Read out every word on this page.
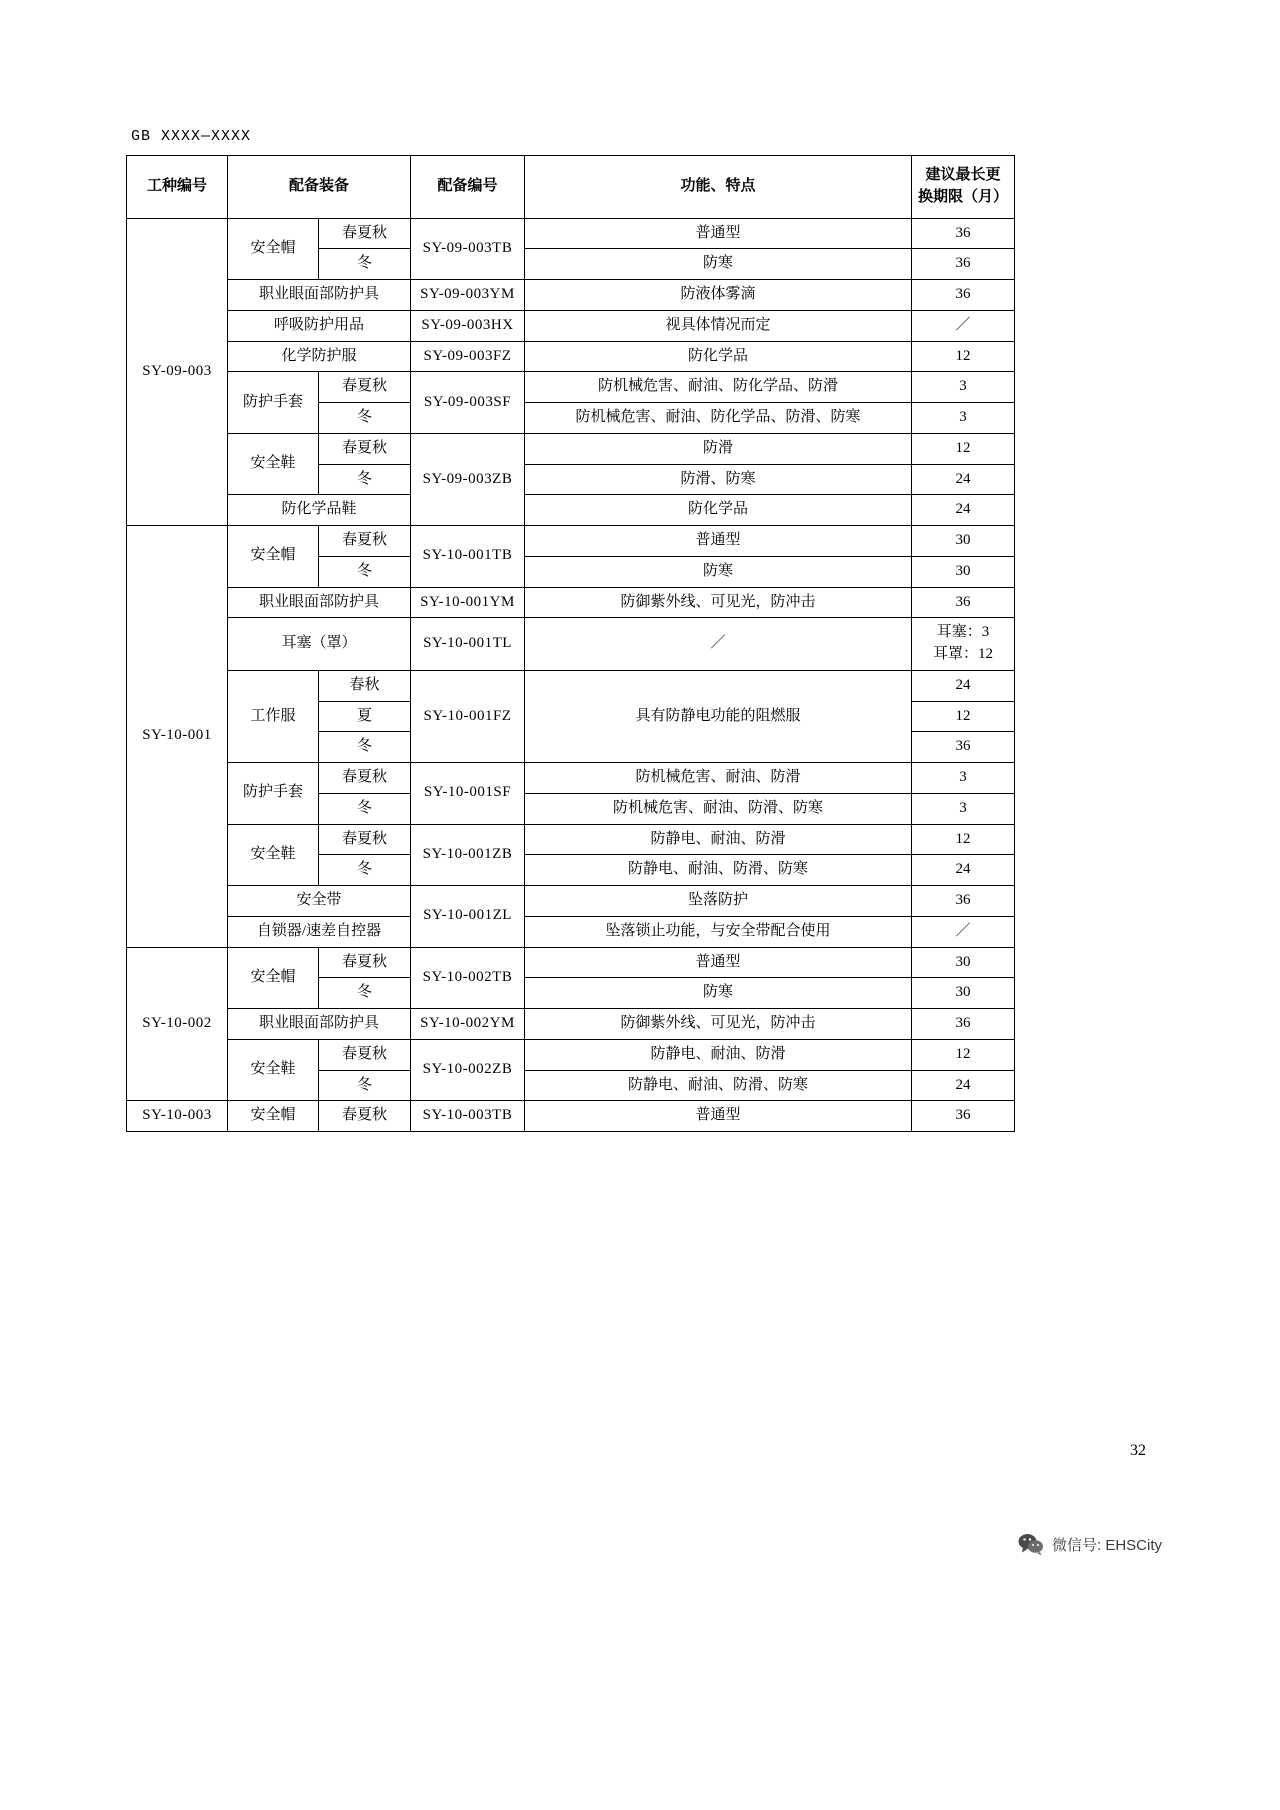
GB XXXX—XXXX
工种编号	配备装备		配备编号	功能、特点	建议最长更
换期限（月）

SY-09-003	安全帽	春夏秋	SY-09-003TB	普通型	36
		冬		防寒	36
	职业眼面部防护具		SY-09-003YM	防液体雾滴	36
	呼吸防护用品		SY-09-003HX	视具体情况而定	／
	化学防护服		SY-09-003FZ	防化学品	12
	防护手套	春夏秋	SY-09-003SF	防机械危害、耐油、防化学品、防滑	3
		冬		防机械危害、耐油、防化学品、防滑、防寒	3
	安全鞋	春夏秋	SY-09-003ZB	防滑	12
		冬		防滑、防寒	24
	防化学品鞋			防化学品	24
SY-10-001	安全帽	春夏秋	SY-10-001TB	普通型	30
		冬		防寒	30
	职业眼面部防护具		SY-10-001YM	防御紫外线、可见光，防冲击	36
	耳塞（罩）		SY-10-001TL	／	耳塞：3
耳罩：12

	工作服	春秋	SY-10-001FZ	具有防静电功能的阻燃服	24
		夏			12
		冬			36
	防护手套	春夏秋	SY-10-001SF	防机械危害、耐油、防滑	3
		冬		防机械危害、耐油、防滑、防寒	3
	安全鞋	春夏秋	SY-10-001ZB	防静电、耐油、防滑	12
		冬		防静电、耐油、防滑、防寒	24
	安全带		SY-10-001ZL	坠落防护	36
	自锁器/速差自控器			坠落锁止功能，与安全带配合使用	／
SY-10-002	安全帽	春夏秋	SY-10-002TB	普通型	30
		冬		防寒	30
	职业眼面部防护具		SY-10-002YM	防御紫外线、可见光，防冲击	36
	安全鞋	春夏秋	SY-10-002ZB	防静电、耐油、防滑	12
		冬		防静电、耐油、防滑、防寒	24
SY-10-003	安全帽	春夏秋	SY-10-003TB	普通型	36
32
微信号: EHSCity
